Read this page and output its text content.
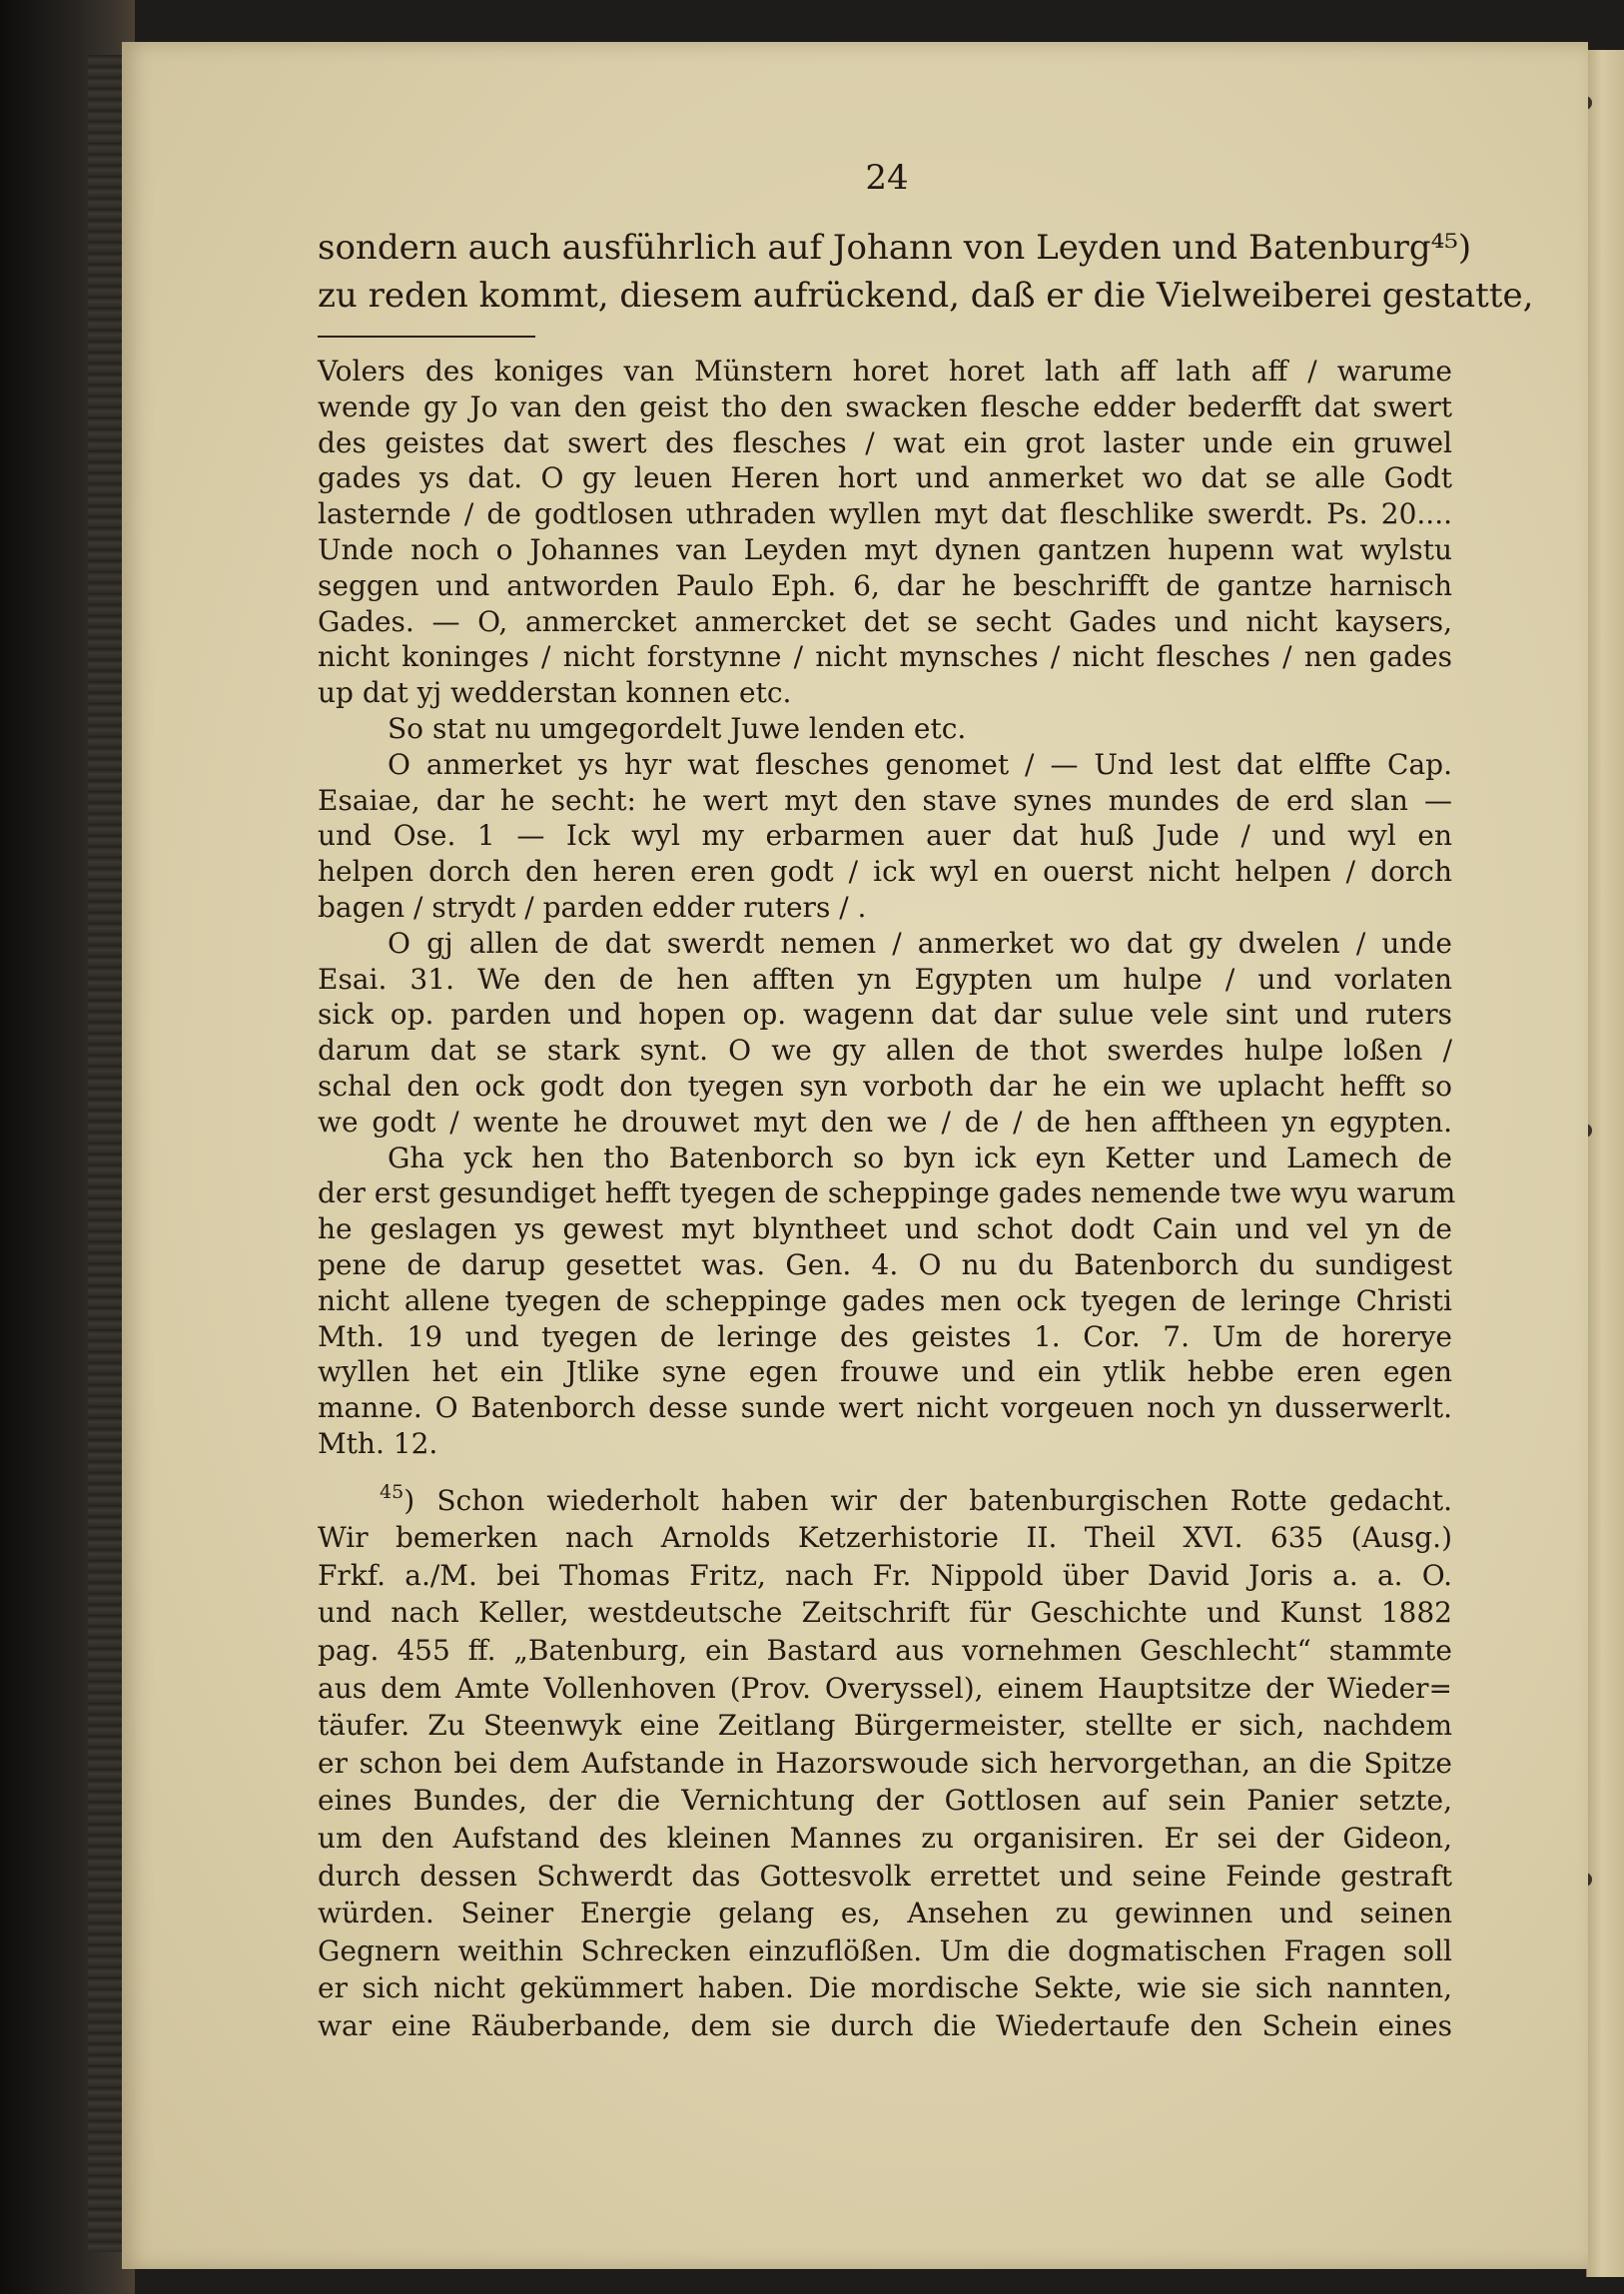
24
sondern auch ausführlich auf Johann von Leyden und Batenburg⁴⁵)
zu reden kommt, diesem aufrückend, daß er die Vielweiberei gestatte,
Volers des koniges van Münstern horet horet lath aff lath aff / warume
wende gy Jo van den geist tho den swacken flesche edder bederfft dat swert
des geistes dat swert des flesches / wat ein grot laster unde ein gruwel
gades ys dat. O gy leuen Heren hort und anmerket wo dat se alle Godt
lasternde / de godtlosen uthraden wyllen myt dat fleschlike swerdt. Ps. 20....
Unde noch o Johannes van Leyden myt dynen gantzen hupenn wat wylstu
seggen und antworden Paulo Eph. 6, dar he beschrifft de gantze harnisch
Gades. — O, anmercket anmercket det se secht Gades und nicht kaysers,
nicht koninges / nicht forstynne / nicht mynsches / nicht flesches / nen gades
up dat yj wedderstan konnen etc.
So stat nu umgegordelt Juwe lenden etc.
O anmerket ys hyr wat flesches genomet / — Und lest dat elffte Cap.
Esaiae, dar he secht: he wert myt den stave synes mundes de erd slan —
und Ose. 1 — Ick wyl my erbarmen auer dat huß Jude / und wyl en
helpen dorch den heren eren godt / ick wyl en ouerst nicht helpen / dorch
bagen / strydt / parden edder ruters / .
O gj allen de dat swerdt nemen / anmerket wo dat gy dwelen / unde
Esai. 31. We den de hen afften yn Egypten um hulpe / und vorlaten
sick op. parden und hopen op. wagenn dat dar sulue vele sint und ruters
darum dat se stark synt. O we gy allen de thot swerdes hulpe loßen /
schal den ock godt don tyegen syn vorboth dar he ein we uplacht hefft so
we godt / wente he drouwet myt den we / de / de hen afftheen yn egypten.
Gha yck hen tho Batenborch so byn ick eyn Ketter und Lamech de
der erst gesundiget hefft tyegen de scheppinge gades nemende twe wyu warum
he geslagen ys gewest myt blyntheet und schot dodt Cain und vel yn de
pene de darup gesettet was. Gen. 4. O nu du Batenborch du sundigest
nicht allene tyegen de scheppinge gades men ock tyegen de leringe Christi
Mth. 19 und tyegen de leringe des geistes 1. Cor. 7. Um de horerye
wyllen het ein Jtlike syne egen frouwe und ein ytlik hebbe eren egen
manne. O Batenborch desse sunde wert nicht vorgeuen noch yn dusserwerlt.
Mth. 12.
$^{45}$) Schon wiederholt haben wir der batenburgischen Rotte gedacht.
Wir bemerken nach Arnolds Ketzerhistorie II. Theil XVI. 635 (Ausg.)
Frkf. a./M. bei Thomas Fritz, nach Fr. Nippold über David Joris a. a. O.
und nach Keller, westdeutsche Zeitschrift für Geschichte und Kunst 1882
pag. 455 ff. „Batenburg, ein Bastard aus vornehmen Geschlecht“ stammte
aus dem Amte Vollenhoven (Prov. Overyssel), einem Hauptsitze der Wieder=
täufer. Zu Steenwyk eine Zeitlang Bürgermeister, stellte er sich, nachdem
er schon bei dem Aufstande in Hazorswoude sich hervorgethan, an die Spitze
eines Bundes, der die Vernichtung der Gottlosen auf sein Panier setzte,
um den Aufstand des kleinen Mannes zu organisiren. Er sei der Gideon,
durch dessen Schwerdt das Gottesvolk errettet und seine Feinde gestraft
würden. Seiner Energie gelang es, Ansehen zu gewinnen und seinen
Gegnern weithin Schrecken einzuflößen. Um die dogmatischen Fragen soll
er sich nicht gekümmert haben. Die mordische Sekte, wie sie sich nannten,
war eine Räuberbande, dem sie durch die Wiedertaufe den Schein eines
